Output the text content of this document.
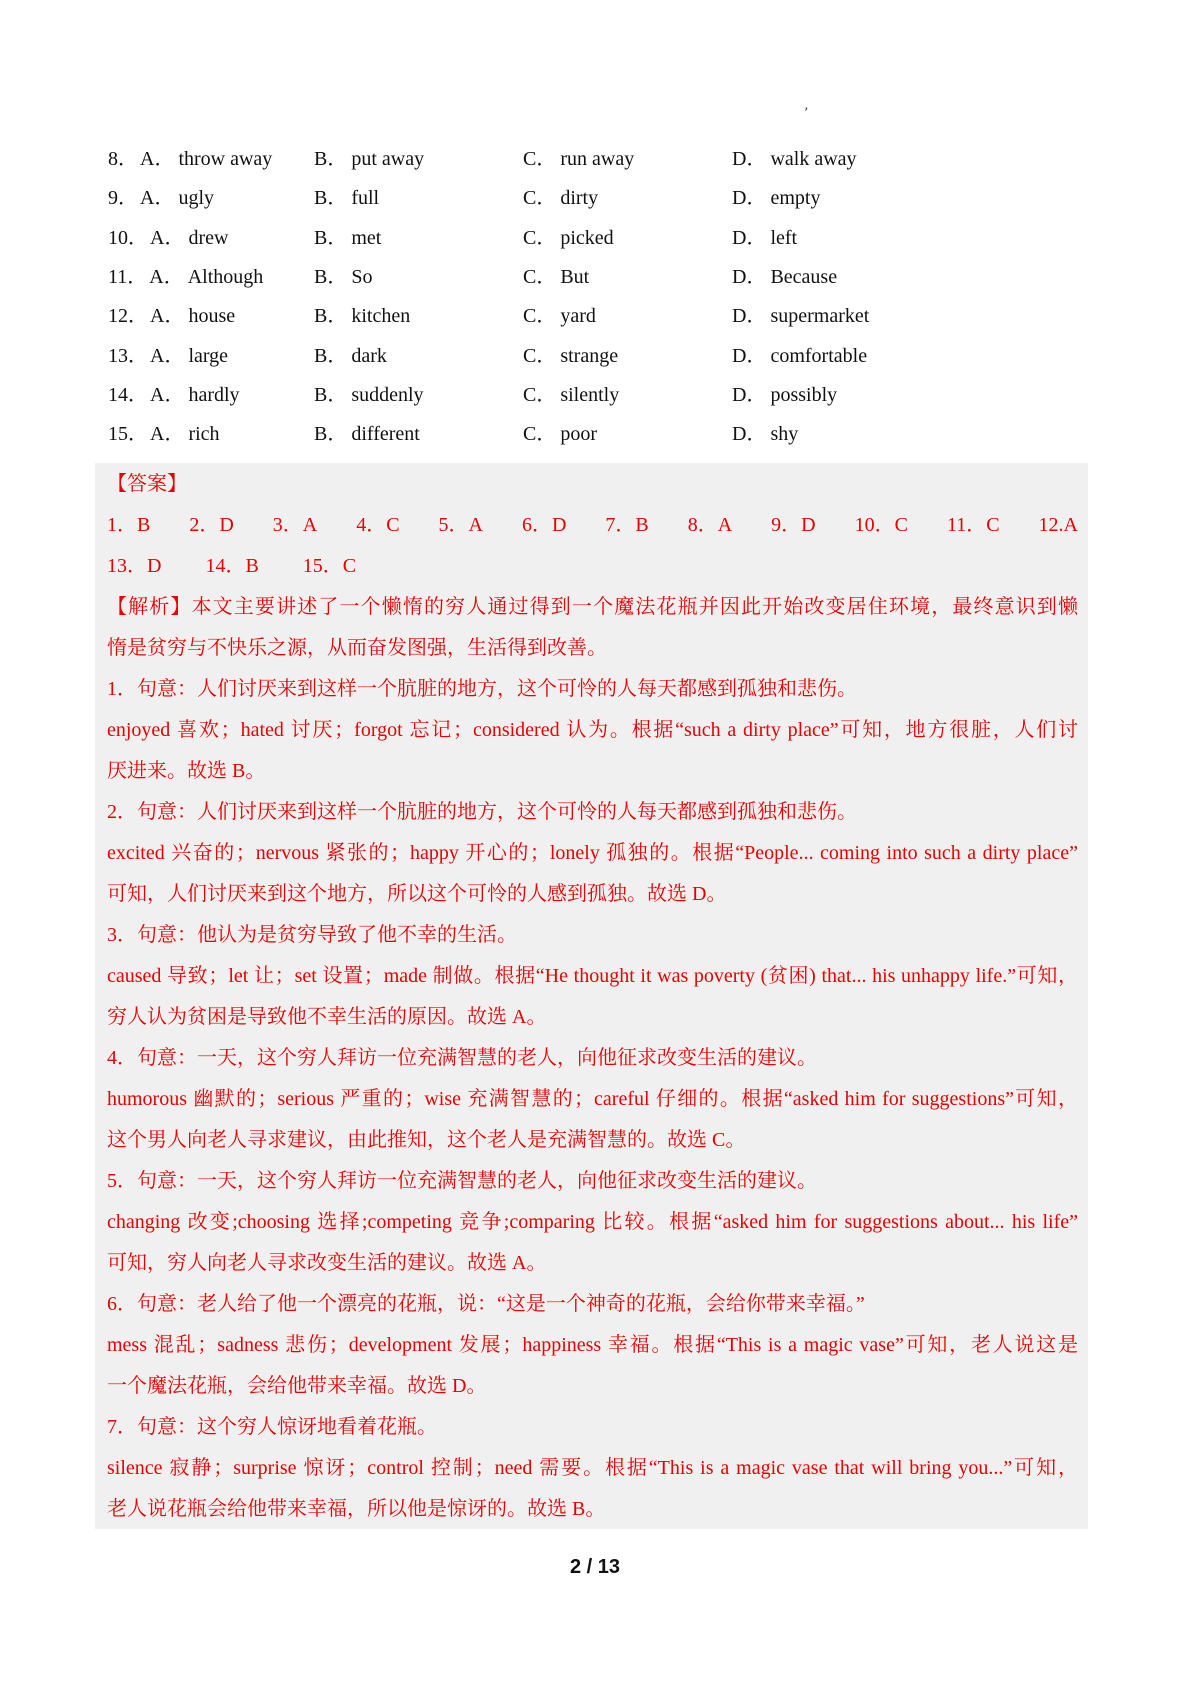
’
8． A． throw away	B． put away	C． run away	D． walk away
9． A． ugly	B． full	C． dirty	D． empty
10． A． drew	B． met	C． picked	D． left
11． A． Although	B． So	C． But	D． Because
12． A． house	B． kitchen	C． yard	D． supermarket
13． A． large	B． dark	C． strange	D． comfortable
14． A． hardly	B． suddenly	C． silently	D． possibly
15． A． rich	B． different	C． poor	D． shy
【答案】
1．B 2．D 3．A 4．C 5．A 6．D 7．B 8．A 9．D 10．C 11．C 12.A
13．D 14．B 15．C
【解析】本文主要讲述了一个懒惰的穷人通过得到一个魔法花瓶并因此开始改变居住环境，最终意识到懒
惰是贫穷与不快乐之源，从而奋发图强，生活得到改善。
1．句意：人们讨厌来到这样一个肮脏的地方，这个可怜的人每天都感到孤独和悲伤。
enjoyed 喜欢；hated 讨厌；forgot 忘记；considered 认为。根据“such a dirty place”可知，地方很脏，人们讨
厌进来。故选 B。
2．句意：人们讨厌来到这样一个肮脏的地方，这个可怜的人每天都感到孤独和悲伤。
excited 兴奋的；nervous 紧张的；happy 开心的；lonely 孤独的。根据“People... coming into such a dirty place”
可知，人们讨厌来到这个地方，所以这个可怜的人感到孤独。故选 D。
3．句意：他认为是贫穷导致了他不幸的生活。
caused 导致；let 让；set 设置；made 制做。根据“He thought it was poverty (贫困) that... his unhappy life.”可知，
穷人认为贫困是导致他不幸生活的原因。故选 A。
4．句意：一天，这个穷人拜访一位充满智慧的老人，向他征求改变生活的建议。
humorous 幽默的；serious 严重的；wise 充满智慧的；careful 仔细的。根据“asked him for suggestions”可知，
这个男人向老人寻求建议，由此推知，这个老人是充满智慧的。故选 C。
5．句意：一天，这个穷人拜访一位充满智慧的老人，向他征求改变生活的建议。
changing 改变;choosing 选择;competing 竞争;comparing 比较。根据“asked him for suggestions about... his life”
可知，穷人向老人寻求改变生活的建议。故选 A。
6．句意：老人给了他一个漂亮的花瓶，说：“这是一个神奇的花瓶，会给你带来幸福。”
mess 混乱；sadness 悲伤；development 发展；happiness 幸福。根据“This is a magic vase”可知，老人说这是
一个魔法花瓶，会给他带来幸福。故选 D。
7．句意：这个穷人惊讶地看着花瓶。
silence 寂静；surprise 惊讶；control 控制；need 需要。根据“This is a magic vase that will bring you...”可知，
老人说花瓶会给他带来幸福，所以他是惊讶的。故选 B。
2 / 13
